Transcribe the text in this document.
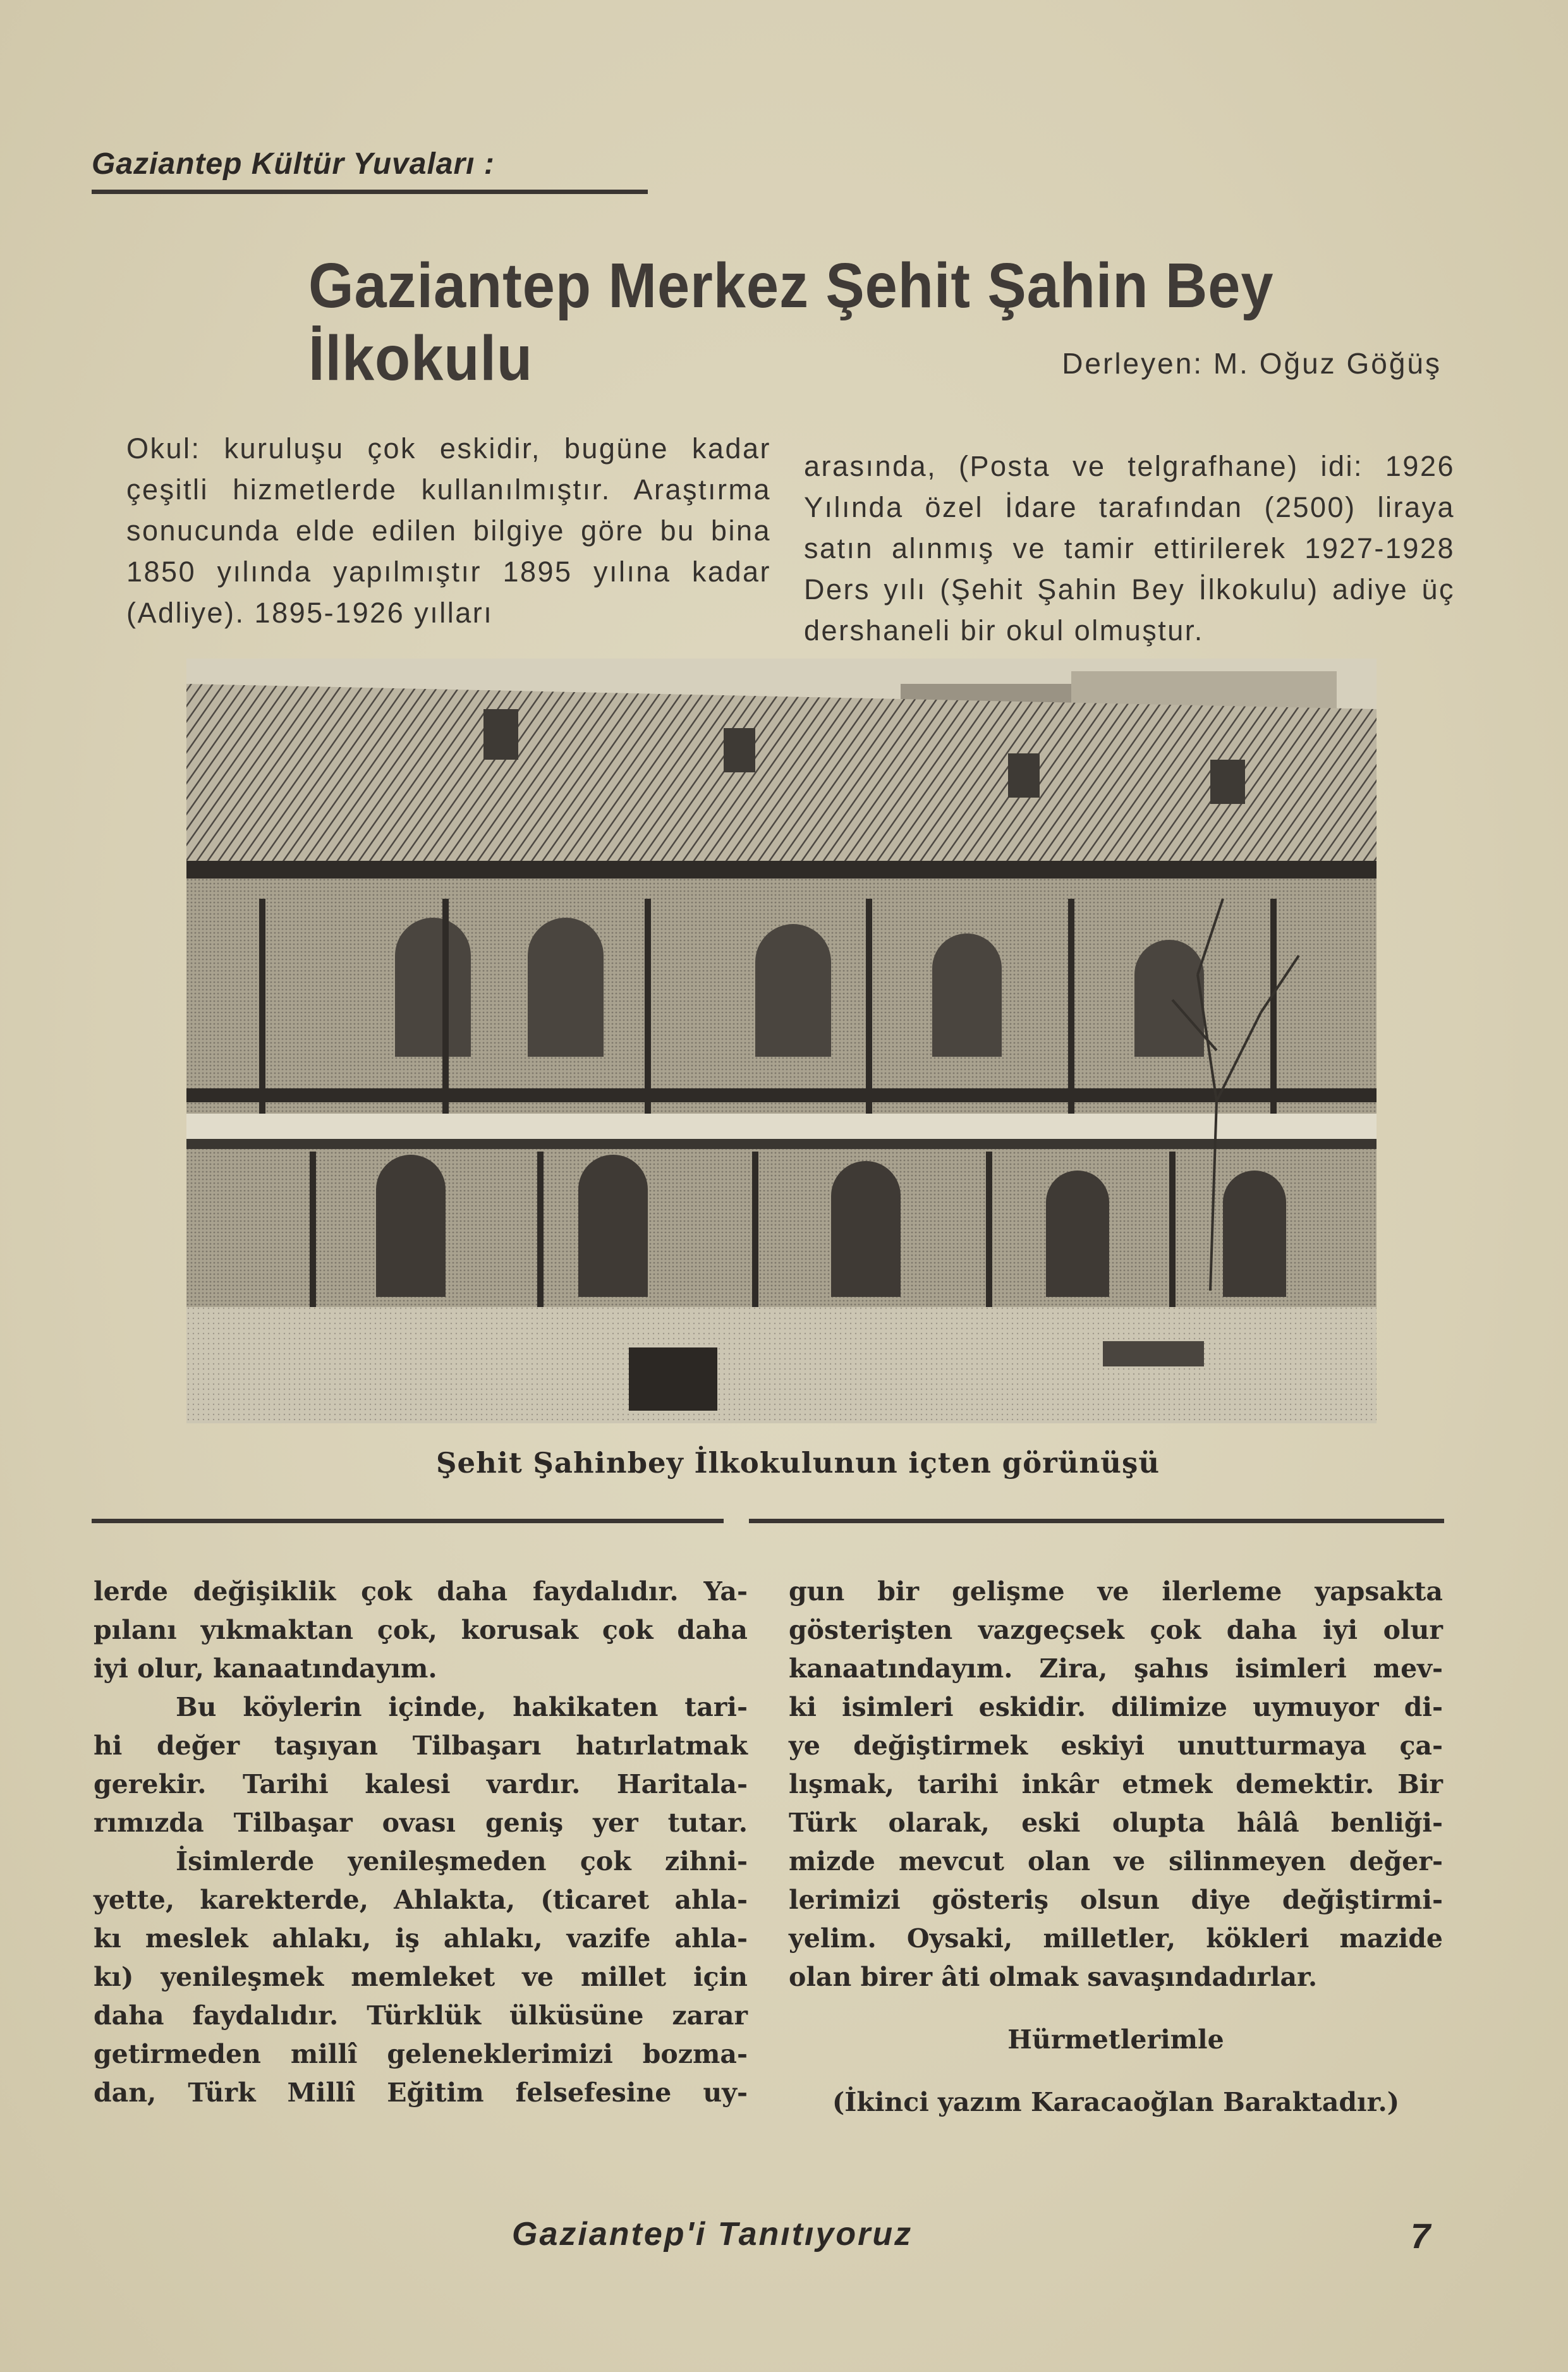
Gaziantep Kültür Yuvaları :
Gaziantep Merkez Şehit Şahin Bey İlkokulu	Derleyen: M. Oğuz Göğüş

Okul: kuruluşu çok eskidir, bugüne kadar çeşitli hizmetlerde kullanılmıştır. Araştırma sonucunda elde edilen bilgiye göre bu bina 1850 yılında yapılmıştır 1895 yılına kadar (Adliye). 1895-1926 yılları

arasında, (Posta ve telgrafhane) idi: 1926 Yılında özel İdare tarafından (2500) liraya satın alınmış ve tamir ettirilerek 1927-1928 Ders yılı (Şehit Şahin Bey İlkokulu) adiye üç dershaneli bir okul olmuştur.

Şehit Şahinbey İlkokulunun içten görünüşü
lerde değişiklik çok daha faydalıdır. Ya-
pılanı yıkmaktan çok, korusak çok daha
iyi olur, kanaatındayım.
Bu köylerin içinde, hakikaten tari-
hi değer taşıyan Tilbaşarı hatırlatmak
gerekir. Tarihi kalesi vardır. Haritala-
rımızda Tilbaşar ovası geniş yer tutar.
İsimlerde yenileşmeden çok zihni-
yette, karekterde, Ahlakta, (ticaret ahla-
kı meslek ahlakı, iş ahlakı, vazife ahla-
kı) yenileşmek memleket ve millet için
daha faydalıdır. Türklük ülküsüne zarar
getirmeden millî geleneklerimizi bozma-
dan, Türk Millî Eğitim felsefesine uy-
gun bir gelişme ve ilerleme yapsakta
gösterişten vazgeçsek çok daha iyi olur
kanaatındayım. Zira, şahıs isimleri mev-
ki isimleri eskidir. dilimize uymuyor di-
ye değiştirmek eskiyi unutturmaya ça-
lışmak, tarihi inkâr etmek demektir. Bir
Türk olarak, eski olupta hâlâ benliği-
mizde mevcut olan ve silinmeyen değer-
lerimizi gösteriş olsun diye değiştirmi-
yelim. Oysaki, milletler, kökleri mazide
olan birer âti olmak savaşındadırlar.
Hürmetlerimle
(İkinci yazım Karacaoğlan Baraktadır.)
Gaziantep'i Tanıtıyoruz	7
